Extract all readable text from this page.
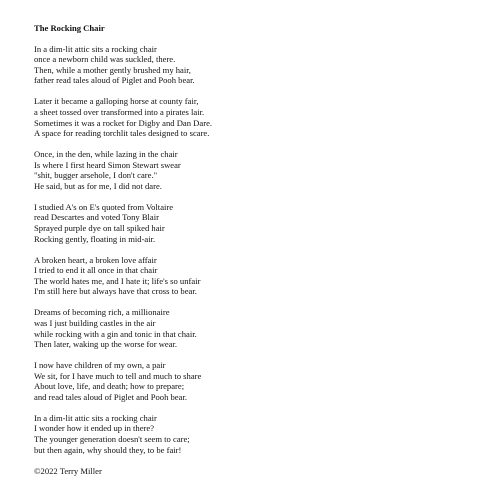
The Rocking Chair
In a dim-lit attic sits a rocking chair
once a newborn child was suckled, there.
Then, while a mother gently brushed my hair,
father read tales aloud of Piglet and Pooh bear.
Later it became a galloping horse at county fair,
a sheet tossed over transformed into a pirates lair.
Sometimes it was a rocket for Digby and Dan Dare.
A space for reading torchlit tales designed to scare.
Once, in the den, while lazing in the chair
Is where I first heard Simon Stewart swear
"shit, bugger arsehole, I don't care."
He said, but as for me, I did not dare.
I studied A's on E's quoted from Voltaire
read Descartes and voted Tony Blair
Sprayed purple dye on tall spiked hair
Rocking gently, floating in mid-air.
A broken heart, a broken love affair
I tried to end it all once in that chair
The world hates me, and I hate it; life's so unfair
I'm still here but always have that cross to bear.
Dreams of becoming rich, a millionaire
was I just building castles in the air
while rocking with a gin and tonic in that chair.
Then later, waking up the worse for wear.
I now have children of my own, a pair
We sit, for I have much to tell and much to share
About love, life, and death; how to prepare;
and read tales aloud of Piglet and Pooh bear.
In a dim-lit attic sits a rocking chair
I wonder how it ended up in there?
The younger generation doesn't seem to care;
but then again, why should they, to be fair!
©2022 Terry Miller
